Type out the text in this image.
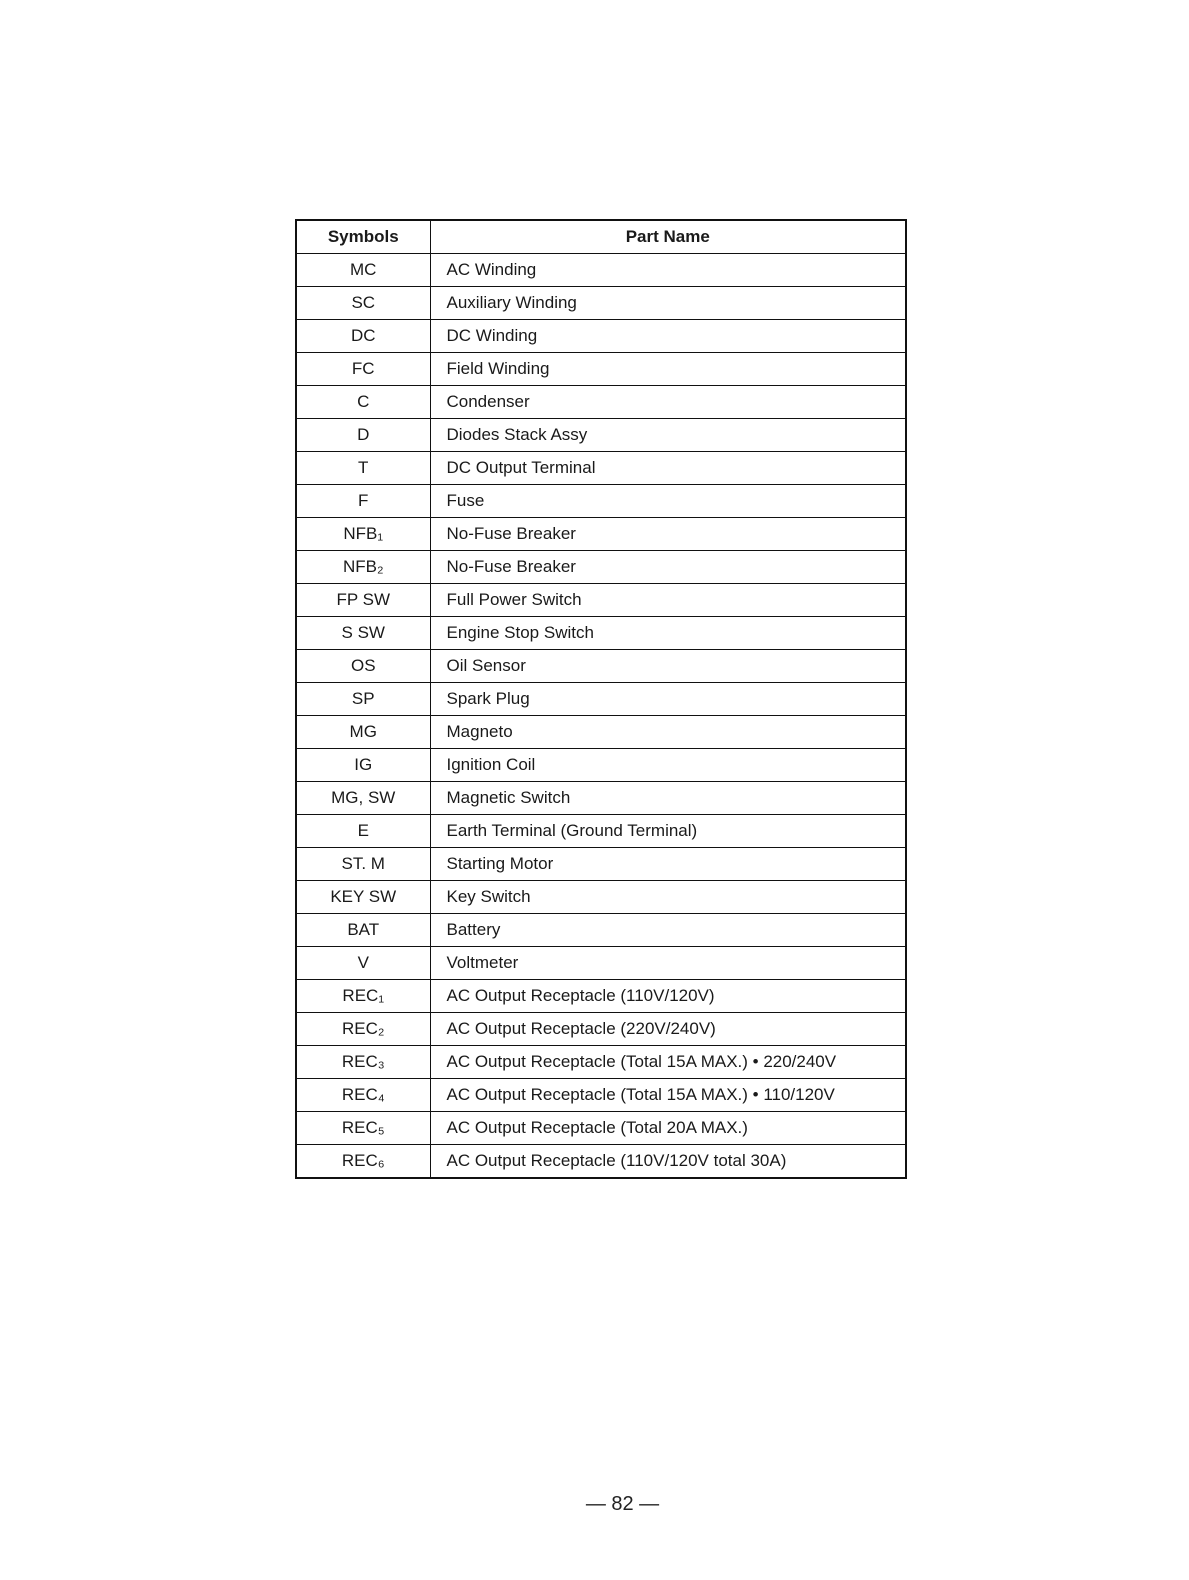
Symbols	Part Name
MC	AC Winding
SC	Auxiliary Winding
DC	DC Winding
FC	Field Winding
C	Condenser
D	Diodes Stack Assy
T	DC Output Terminal
F	Fuse
NFB₁	No-Fuse Breaker
NFB₂	No-Fuse Breaker
FP SW	Full Power Switch
S SW	Engine Stop Switch
OS	Oil Sensor
SP	Spark Plug
MG	Magneto
IG	Ignition Coil
MG, SW	Magnetic Switch
E	Earth Terminal (Ground Terminal)
ST. M	Starting Motor
KEY SW	Key Switch
BAT	Battery
V	Voltmeter
REC₁	AC Output Receptacle (110V/120V)
REC₂	AC Output Receptacle (220V/240V)
REC₃	AC Output Receptacle (Total 15A MAX.) • 220/240V
REC₄	AC Output Receptacle (Total 15A MAX.) • 110/120V
REC₅	AC Output Receptacle (Total 20A MAX.)
REC₆	AC Output Receptacle (110V/120V total 30A)
— 82 —
